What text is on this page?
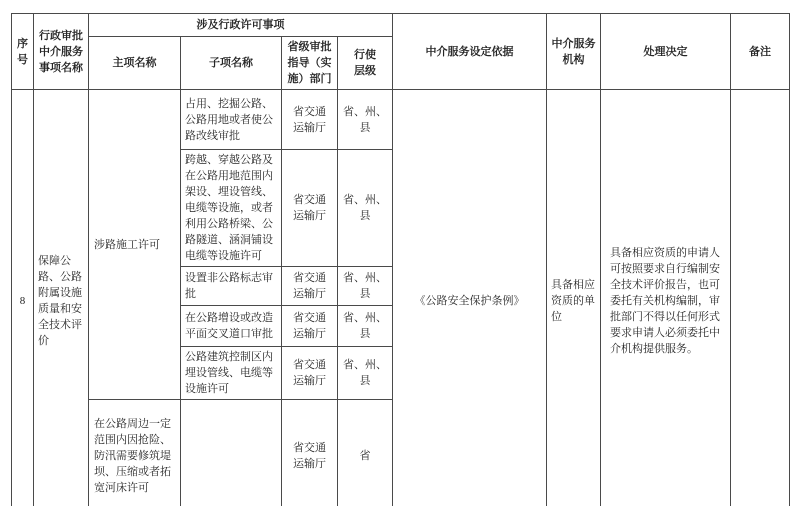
序号	行政审批中介服务事项名称	涉及行政许可事项				中介服务设定依据	中介服务机构	处理决定	备注
		主项名称	子项名称	省级审批指导（实施）部门	行使层级				
8	保障公路、公路附属设施质量和安全技术评价	涉路施工许可	占用、挖掘公路、公路用地或者使公路改线审批	省交通运输厅	省、州、县	《公路安全保护条例》	具备相应资质的单位	具备相应资质的申请人可按照要求自行编制安全技术评价报告，也可委托有关机构编制，审批部门不得以任何形式要求申请人必须委托中介机构提供服务。	
			跨越、穿越公路及在公路用地范围内架设、埋设管线、电缆等设施，或者利用公路桥梁、公路隧道、涵洞铺设电缆等设施许可	省交通运输厅	省、州、县				
			设置非公路标志审批	省交通运输厅	省、州、县				
			在公路增设或改造平面交叉道口审批	省交通运输厅	省、州、县				
			公路建筑控制区内埋设管线、电缆等设施许可	省交通运输厅	省、州、县				
		在公路周边一定范围内因抢险、防汛需要修筑堤坝、压缩或者拓宽河床许可		省交通运输厅	省				
